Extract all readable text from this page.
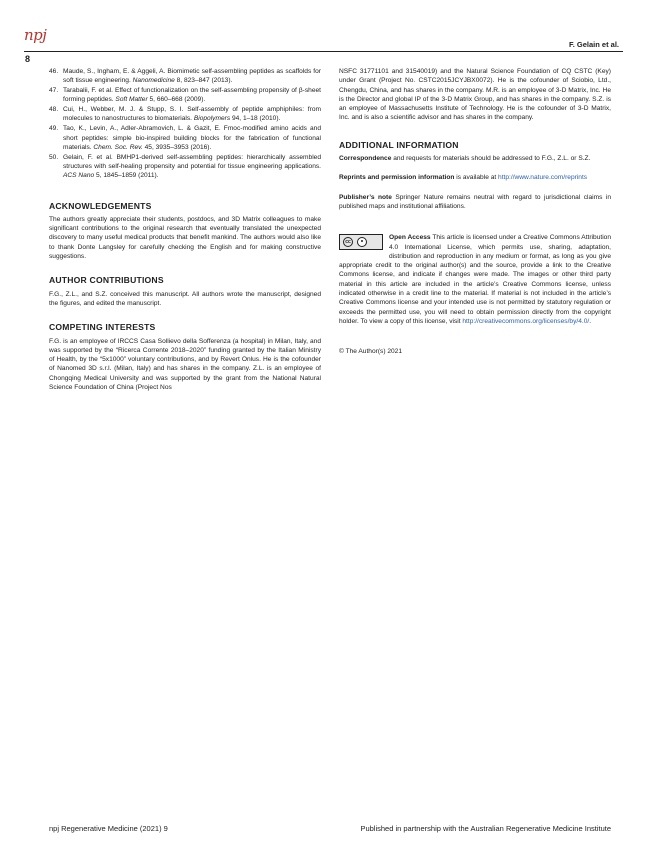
npj
8
F. Gelain et al.
46. Maude, S., Ingham, E. & Aggeli, A. Biomimetic self-assembling peptides as scaffolds for soft tissue engineering. Nanomedicine 8, 823–847 (2013).
47. Tarabalii, F. et al. Effect of functionalization on the self-assembling propensity of β-sheet forming peptides. Soft Matter 5, 660–668 (2009).
48. Cui, H., Webber, M. J. & Stupp, S. I. Self-assembly of peptide amphiphiles: from molecules to nanostructures to biomaterials. Biopolymers 94, 1–18 (2010).
49. Tao, K., Levin, A., Adler-Abramovich, L. & Gazit, E. Fmoc-modified amino acids and short peptides: simple bio-inspired building blocks for the fabrication of functional materials. Chem. Soc. Rev. 45, 3935–3953 (2016).
50. Gelain, F. et al. BMHP1-derived self-assembling peptides: hierarchically assembled structures with self-healing propensity and potential for tissue engineering applications. ACS Nano 5, 1845–1859 (2011).
ACKNOWLEDGEMENTS

The authors greatly appreciate their students, postdocs, and 3D Matrix colleagues to make significant contributions to the original research that eventually translated the unexpected discovery to many useful medical products that benefit mankind. The authors would also like to thank Donte Langsley for carefully checking the English and for making constructive suggestions.

AUTHOR CONTRIBUTIONS

F.G., Z.L., and S.Z. conceived this manuscript. All authors wrote the manuscript, designed the figures, and edited the manuscript.

COMPETING INTERESTS

F.G. is an employee of IRCCS Casa Sollievo della Sofferenza (a hospital) in Milan, Italy, and was supported by the “Ricerca Corrente 2018–2020” funding granted by the Italian Ministry of Health, by the “5x1000” voluntary contributions, and by Revert Onlus. He is the cofounder of Nanomed 3D s.r.l. (Milan, Italy) and has shares in the company. Z.L. is an employee of Chongqing Medical University and was supported by the grant from the National Natural Science Foundation of China (Project Nos

NSFC 31771101 and 31540019) and the Natural Science Foundation of CQ CSTC (Key) under Grant (Project No. CSTC2015JCYJBX0072). He is the cofounder of Sciobio, Ltd., Chengdu, China, and has shares in the company. M.R. is an employee of 3-D Matrix, Inc. He is the Director and global IP of the 3-D Matrix Group, and has shares in the company. S.Z. is an employee of Massachusetts Institute of Technology. He is the cofounder of 3-D Matrix, Inc. and is also a scientific advisor and has shares in the company.

ADDITIONAL INFORMATION

Correspondence and requests for materials should be addressed to F.G., Z.L. or S.Z.

Reprints and permission information is available at http://www.nature.com/reprints

Publisher’s note Springer Nature remains neutral with regard to jurisdictional claims in published maps and institutional affiliations.

cc

Open Access This article is licensed under a Creative Commons Attribution 4.0 International License, which permits use, sharing, adaptation, distribution and reproduction in any medium or format, as long as you give appropriate credit to the original author(s) and the source, provide a link to the Creative Commons license, and indicate if changes were made. The images or other third party material in this article are included in the article’s Creative Commons license, unless indicated otherwise in a credit line to the material. If material is not included in the article’s Creative Commons license and your intended use is not permitted by statutory regulation or exceeds the permitted use, you will need to obtain permission directly from the copyright holder. To view a copy of this license, visit http://creativecommons.org/licenses/by/4.0/.

© The Author(s) 2021

npj Regenerative Medicine (2021) 9	Published in partnership with the Australian Regenerative Medicine Institute
